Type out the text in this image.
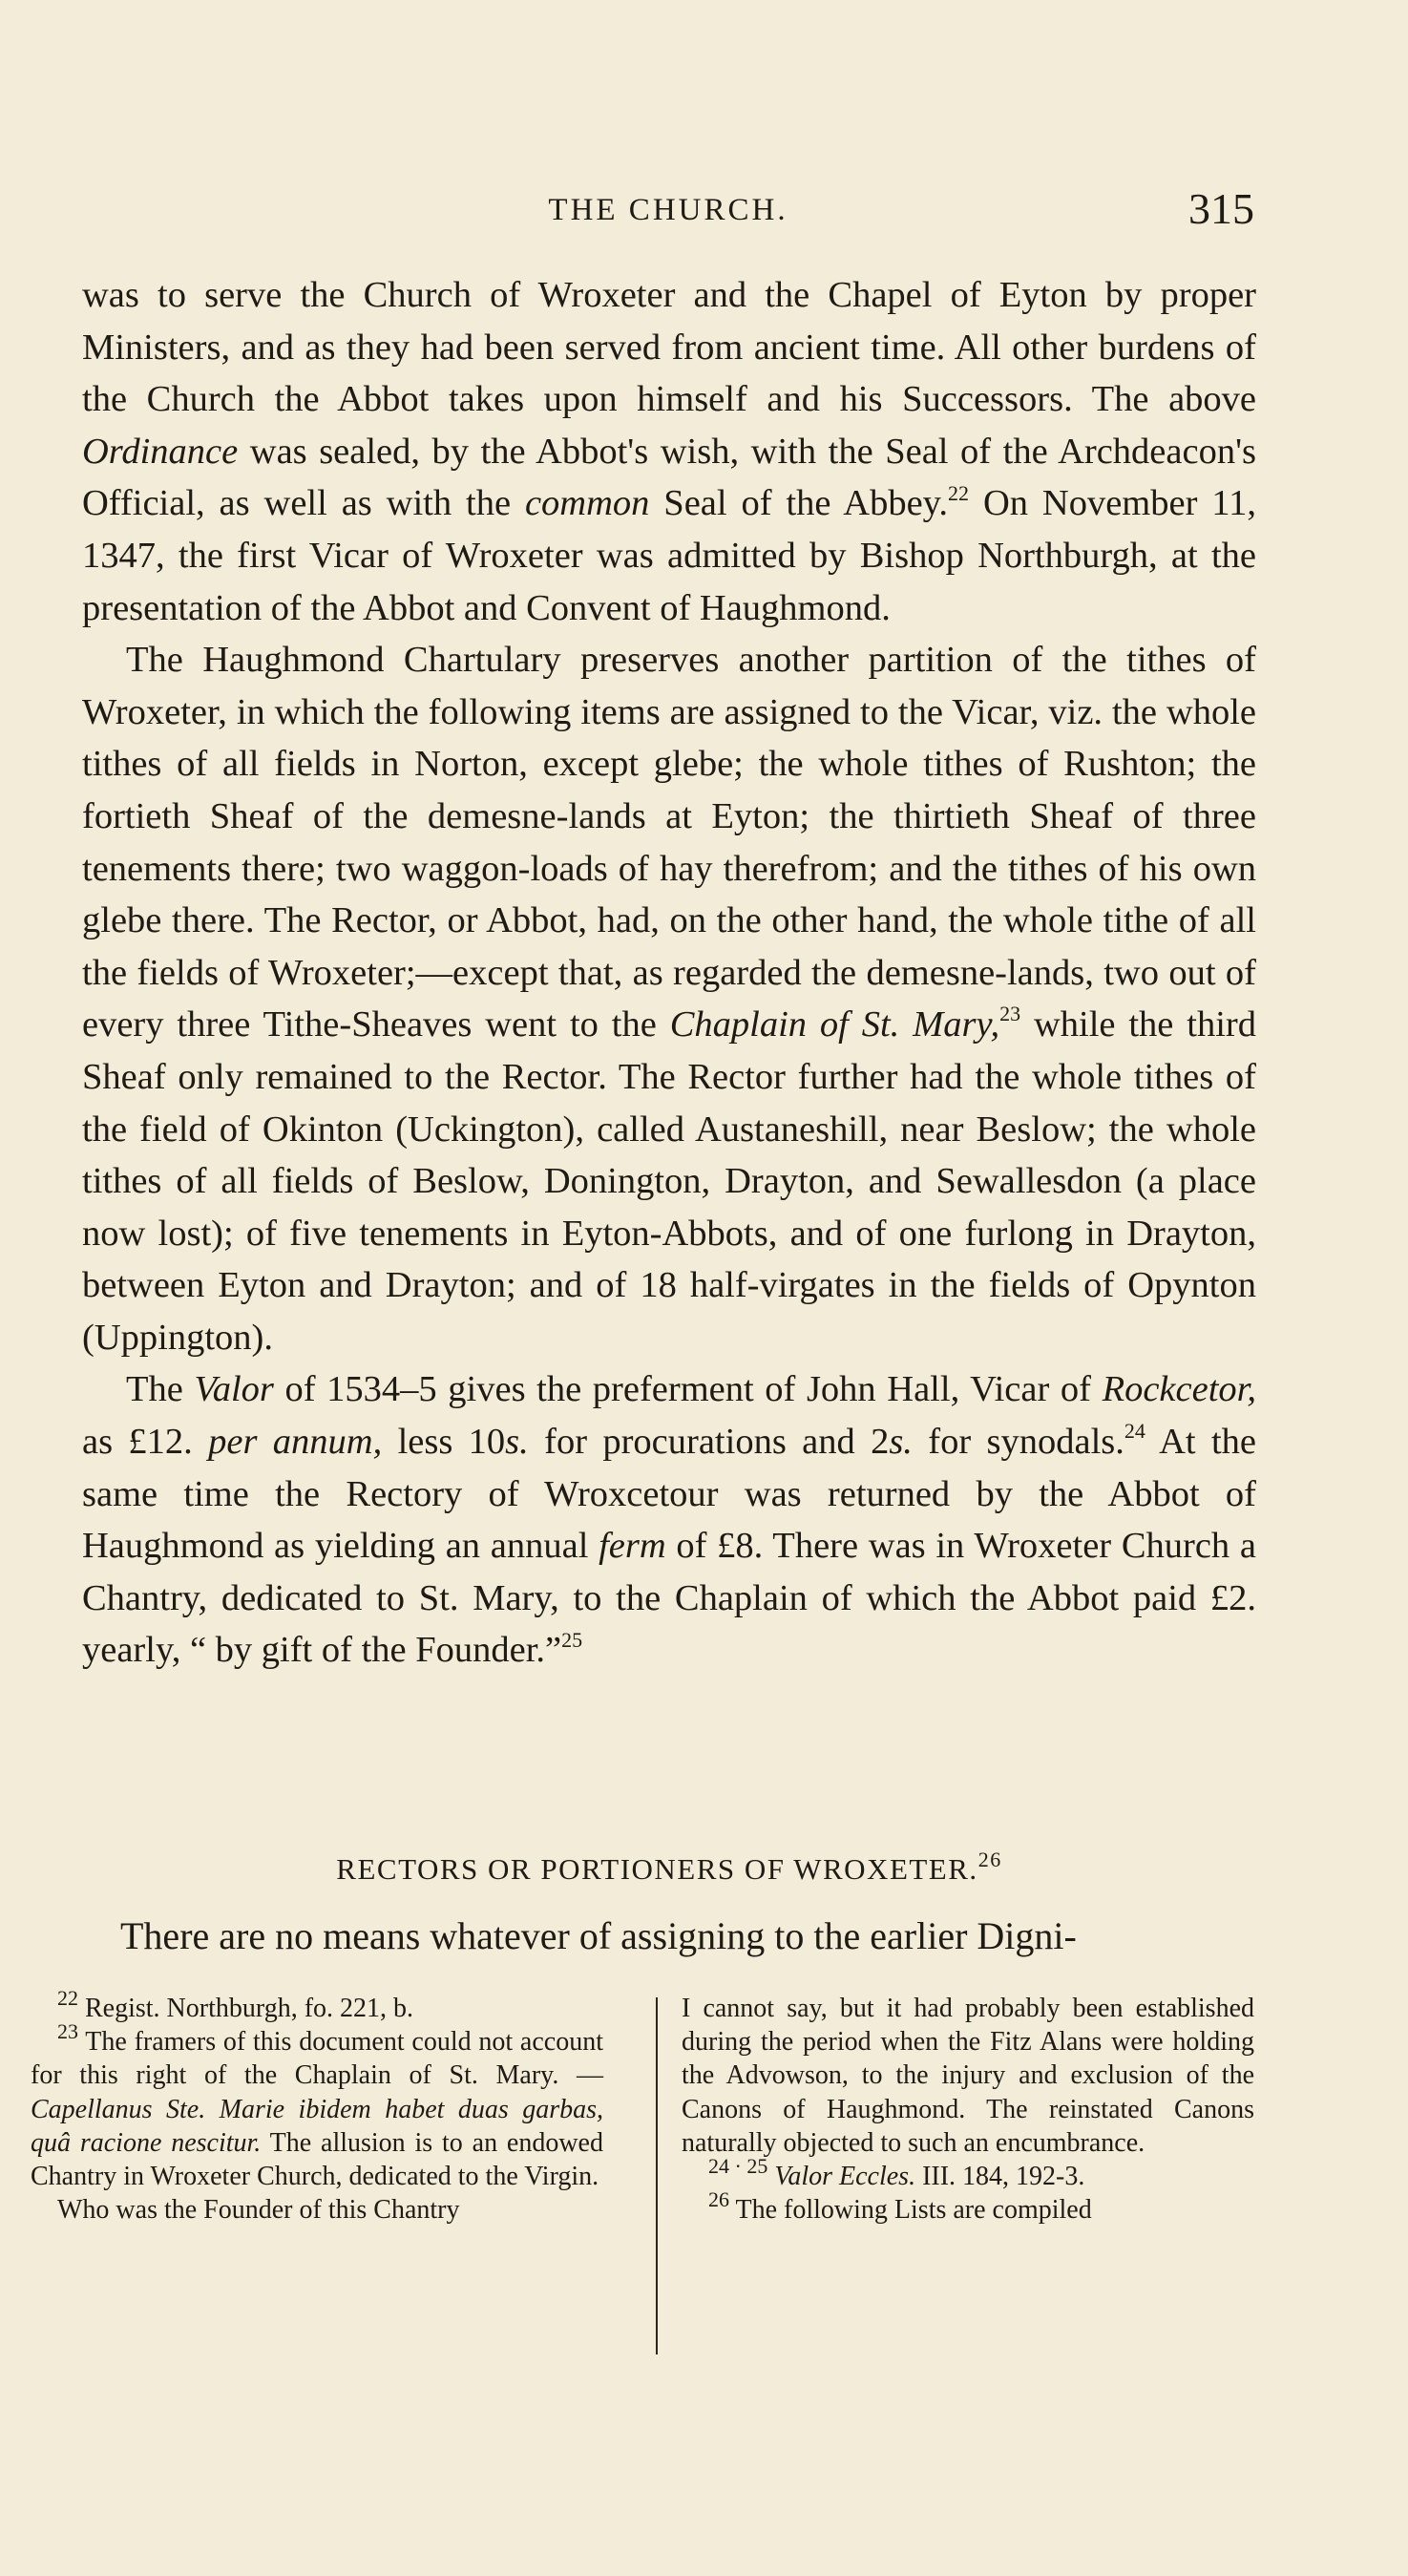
THE CHURCH.	315

was to serve the Church of Wroxeter and the Chapel of Eyton by proper Ministers, and as they had been served from ancient time. All other burdens of the Church the Abbot takes upon himself and his Successors. The above Ordinance was sealed, by the Abbot's wish, with the Seal of the Archdeacon's Official, as well as with the common Seal of the Abbey.$^{22}$ On November 11, 1347, the first Vicar of Wroxeter was admitted by Bishop Northburgh, at the presentation of the Abbot and Convent of Haughmond.

The Haughmond Chartulary preserves another partition of the tithes of Wroxeter, in which the following items are assigned to the Vicar, viz. the whole tithes of all fields in Norton, except glebe; the whole tithes of Rushton; the fortieth Sheaf of the demesne-lands at Eyton; the thirtieth Sheaf of three tenements there; two waggon-loads of hay therefrom; and the tithes of his own glebe there. The Rector, or Abbot, had, on the other hand, the whole tithe of all the fields of Wroxeter;—except that, as regarded the demesne-lands, two out of every three Tithe-Sheaves went to the Chaplain of St. Mary,$^{23}$ while the third Sheaf only remained to the Rector. The Rector further had the whole tithes of the field of Okinton (Uckington), called Austaneshill, near Beslow; the whole tithes of all fields of Beslow, Donington, Drayton, and Sewallesdon (a place now lost); of five tenements in Eyton-Abbots, and of one furlong in Drayton, between Eyton and Drayton; and of 18 half-virgates in the fields of Opynton (Uppington).

The Valor of 1534–5 gives the preferment of John Hall, Vicar of Rockcetor, as £12. per annum, less 10s. for procurations and 2s. for synodals.$^{24}$ At the same time the Rectory of Wroxcetour was returned by the Abbot of Haughmond as yielding an annual ferm of £8. There was in Wroxeter Church a Chantry, dedicated to St. Mary, to the Chaplain of which the Abbot paid £2. yearly, “ by gift of the Founder.”$^{25}$

RECTORS OR PORTIONERS OF WROXETER.$^{26}$
There are no means whatever of assigning to the earlier Digni-

$^{22}$ Regist. Northburgh, fo. 221, b.

$^{23}$ The framers of this document could not account for this right of the Chaplain of St. Mary. — Capellanus Ste. Marie ibidem habet duas garbas, quâ racione nescitur. The allusion is to an endowed Chantry in Wroxeter Church, dedicated to the Virgin.

Who was the Founder of this Chantry

I cannot say, but it had probably been established during the period when the Fitz Alans were holding the Advowson, to the injury and exclusion of the Canons of Haughmond. The reinstated Canons naturally objected to such an encumbrance.

$^{24 \cdot 25}$ Valor Eccles. III. 184, 192-3.

$^{26}$ The following Lists are compiled
